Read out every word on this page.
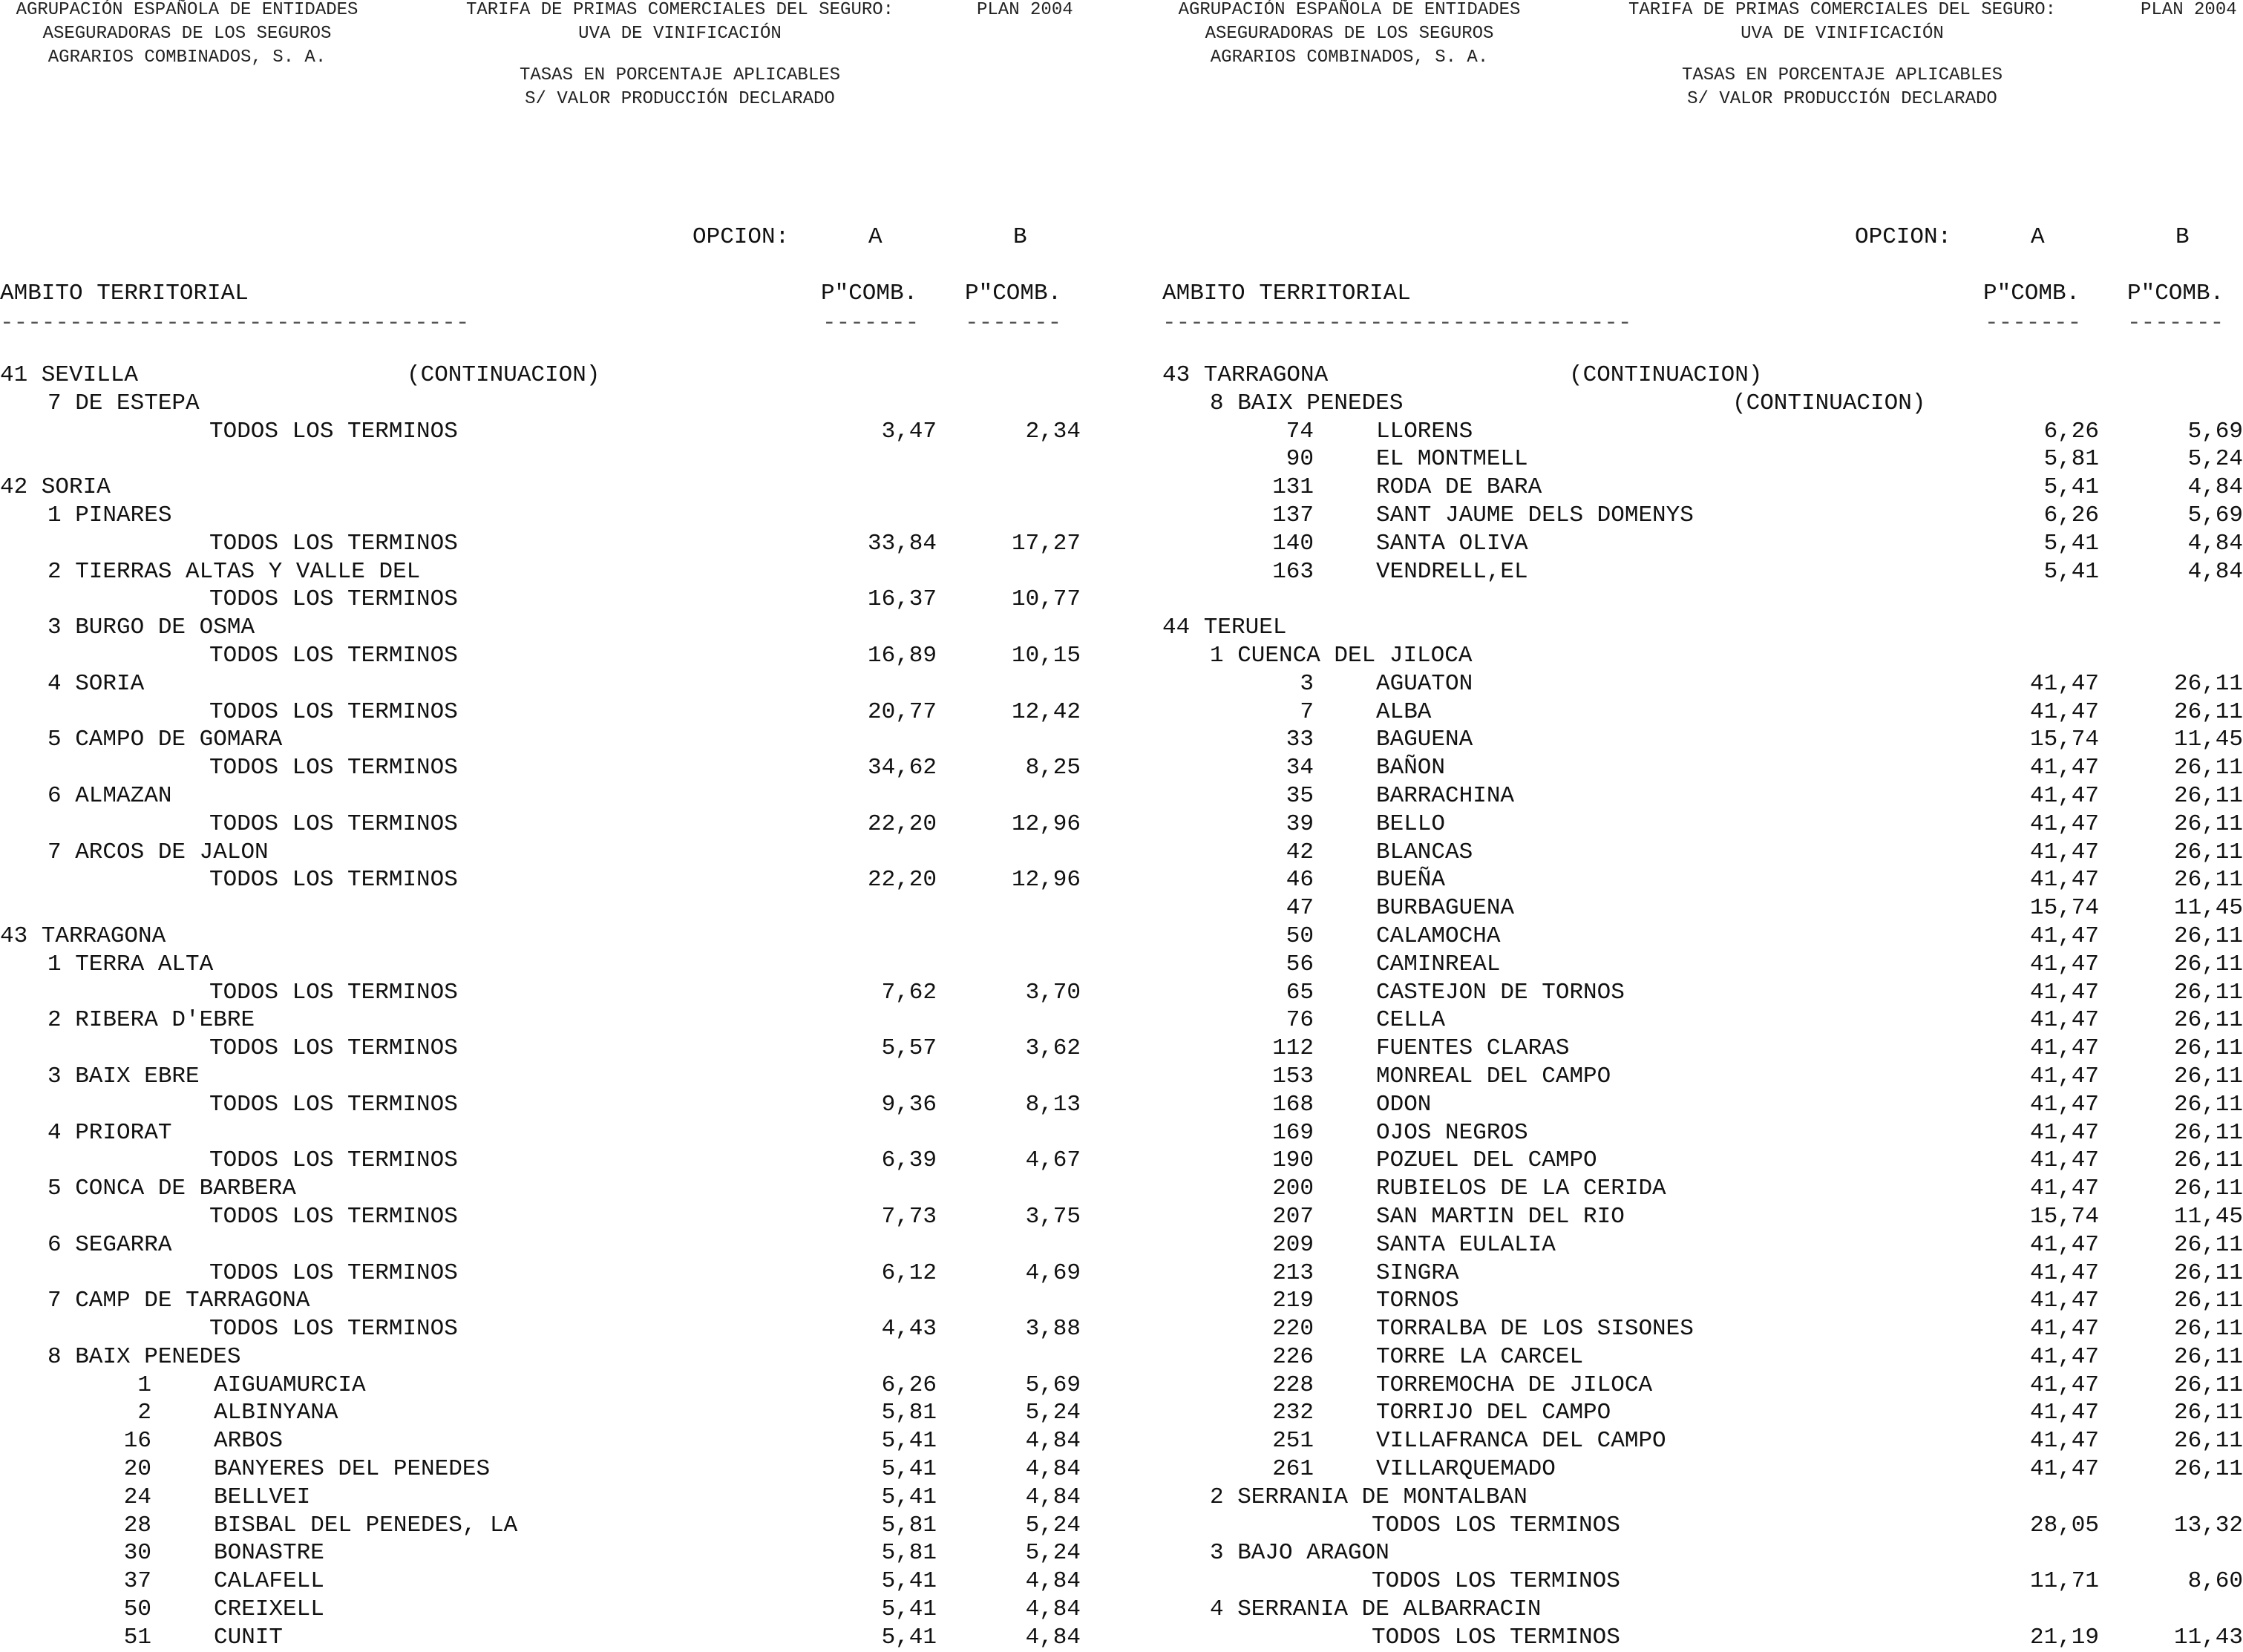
AGRUPACIÓN ESPAÑOLA DE ENTIDADES
ASEGURADORAS DE LOS SEGUROS
AGRARIOS COMBINADOS, S. A.
TARIFA DE PRIMAS COMERCIALES DEL SEGURO:
UVA DE VINIFICACIÓN
PLAN 2004
TASAS EN PORCENTAJE APLICABLES
S/ VALOR PRODUCCIÓN DECLARADO
OPCION:	A	B
AMBITO TERRITORIAL	P"COMB. P"COMB.
----------------------------------	-------	-------
41 SEVILLA	(CONTINUACION)
7 DE ESTEPA
TODOS LOS TERMINOS	3,47	2,34
42 SORIA
1 PINARES
TODOS LOS TERMINOS	33,84	17,27
2 TIERRAS ALTAS Y VALLE DEL
TODOS LOS TERMINOS	16,37	10,77
3 BURGO DE OSMA
TODOS LOS TERMINOS	16,89	10,15
4 SORIA
TODOS LOS TERMINOS	20,77	12,42
5 CAMPO DE GOMARA
TODOS LOS TERMINOS	34,62	8,25
6 ALMAZAN
TODOS LOS TERMINOS	22,20	12,96
7 ARCOS DE JALON
TODOS LOS TERMINOS	22,20	12,96
43 TARRAGONA
1 TERRA ALTA
TODOS LOS TERMINOS	7,62	3,70
2 RIBERA D'EBRE
TODOS LOS TERMINOS	5,57	3,62
3 BAIX EBRE
TODOS LOS TERMINOS	9,36	8,13
4 PRIORAT
TODOS LOS TERMINOS	6,39	4,67
5 CONCA DE BARBERA
TODOS LOS TERMINOS	7,73	3,75
6 SEGARRA
TODOS LOS TERMINOS	6,12	4,69
7 CAMP DE TARRAGONA
TODOS LOS TERMINOS	4,43	3,88
8 BAIX PENEDES
1	AIGUAMURCIA	6,26	5,69
2	ALBINYANA	5,81	5,24
16	ARBOS	5,41	4,84
20	BANYERES DEL PENEDES	5,41	4,84
24	BELLVEI	5,41	4,84
28	BISBAL DEL PENEDES, LA	5,81	5,24
30	BONASTRE	5,81	5,24
37	CALAFELL	5,41	4,84
50	CREIXELL	5,41	4,84
51	CUNIT	5,41	4,84
AGRUPACIÓN ESPAÑOLA DE ENTIDADES
ASEGURADORAS DE LOS SEGUROS
AGRARIOS COMBINADOS, S. A.
TARIFA DE PRIMAS COMERCIALES DEL SEGURO:
UVA DE VINIFICACIÓN
PLAN 2004
TASAS EN PORCENTAJE APLICABLES
S/ VALOR PRODUCCIÓN DECLARADO
OPCION:	A	B
AMBITO TERRITORIAL	P"COMB. P"COMB.
----------------------------------	-------	-------
43 TARRAGONA	(CONTINUACION)
8 BAIX PENEDES	(CONTINUACION)
74	LLORENS	6,26	5,69
90	EL MONTMELL	5,81	5,24
131	RODA DE BARA	5,41	4,84
137	SANT JAUME DELS DOMENYS	6,26	5,69
140	SANTA OLIVA	5,41	4,84
163	VENDRELL,EL	5,41	4,84
44 TERUEL
1 CUENCA DEL JILOCA
3	AGUATON	41,47	26,11
7	ALBA	41,47	26,11
33	BAGUENA	15,74	11,45
34	BAÑON	41,47	26,11
35	BARRACHINA	41,47	26,11
39	BELLO	41,47	26,11
42	BLANCAS	41,47	26,11
46	BUEÑA	41,47	26,11
47	BURBAGUENA	15,74	11,45
50	CALAMOCHA	41,47	26,11
56	CAMINREAL	41,47	26,11
65	CASTEJON DE TORNOS	41,47	26,11
76	CELLA	41,47	26,11
112	FUENTES CLARAS	41,47	26,11
153	MONREAL DEL CAMPO	41,47	26,11
168	ODON	41,47	26,11
169	OJOS NEGROS	41,47	26,11
190	POZUEL DEL CAMPO	41,47	26,11
200	RUBIELOS DE LA CERIDA	41,47	26,11
207	SAN MARTIN DEL RIO	15,74	11,45
209	SANTA EULALIA	41,47	26,11
213	SINGRA	41,47	26,11
219	TORNOS	41,47	26,11
220	TORRALBA DE LOS SISONES	41,47	26,11
226	TORRE LA CARCEL	41,47	26,11
228	TORREMOCHA DE JILOCA	41,47	26,11
232	TORRIJO DEL CAMPO	41,47	26,11
251	VILLAFRANCA DEL CAMPO	41,47	26,11
261	VILLARQUEMADO	41,47	26,11
2 SERRANIA DE MONTALBAN
TODOS LOS TERMINOS	28,05	13,32
3 BAJO ARAGON
TODOS LOS TERMINOS	11,71	8,60
4 SERRANIA DE ALBARRACIN
TODOS LOS TERMINOS	21,19	11,43
